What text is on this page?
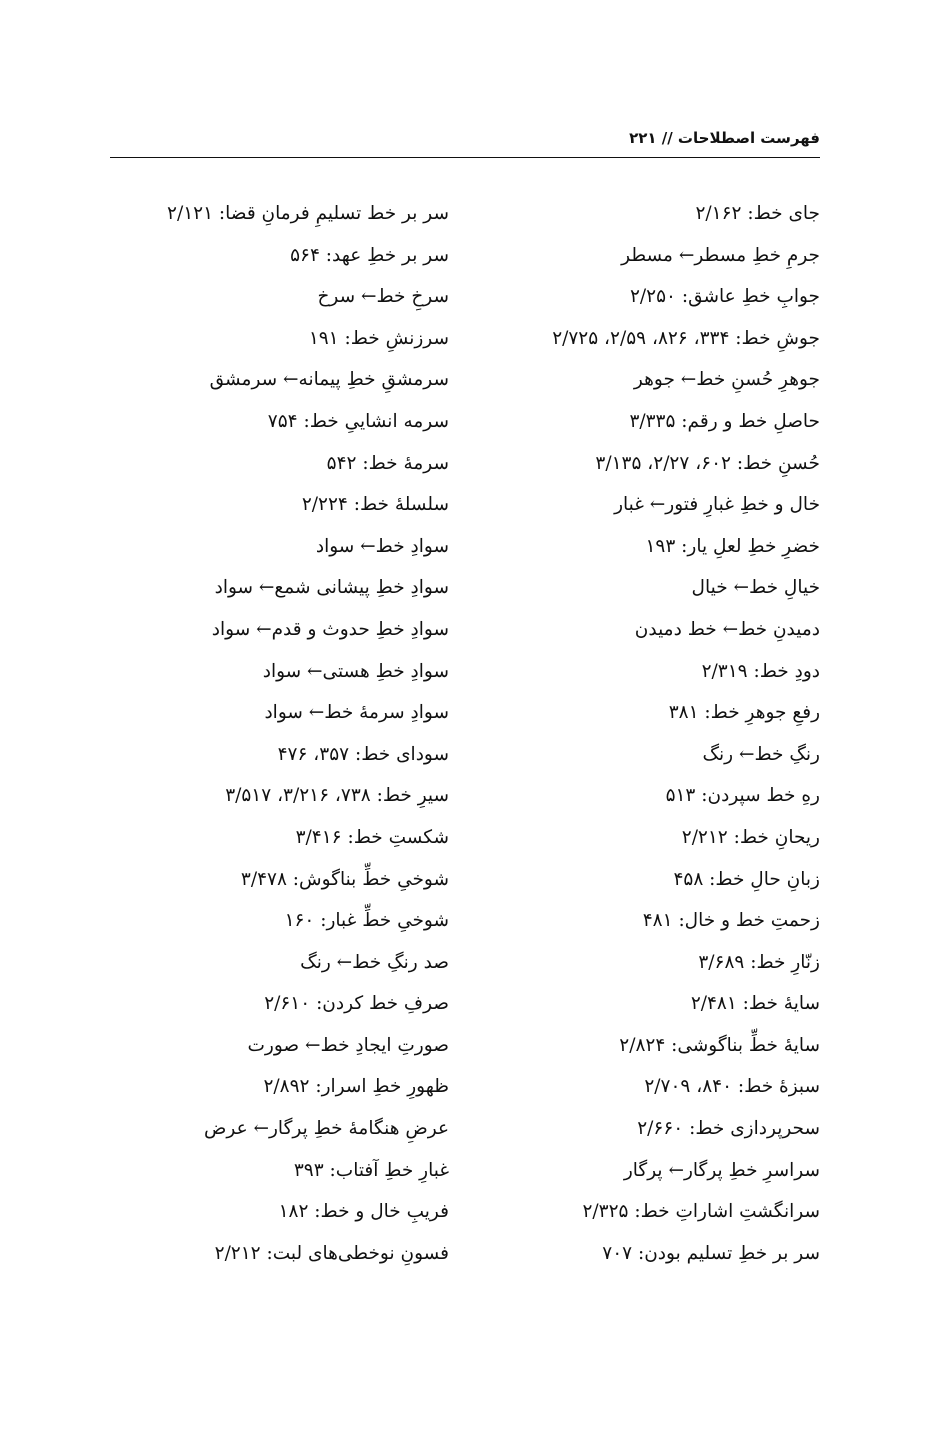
فهرست اصطلاحات // ۲۲۱
جای خط: ۲/۱۶۲
جرمِ خطِ مسطر← مسطر
جوابِ خطِ عاشق: ۲/۲۵۰
جوشِ خط: ۳۳۴، ۸۲۶، ۲/۵۹، ۲/۷۲۵
جوهرِ حُسنِ خط← جوهر
حاصلِ خط و رقم: ۳/۳۳۵
حُسنِ خط: ۶۰۲، ۲/۲۷، ۳/۱۳۵
خال و خطِ غبارِ فتور← غبار
خضرِ خطِ لعلِ یار: ۱۹۳
خیالِ خط← خیال
دمیدنِ خط← خط دمیدن
دودِ خط: ۲/۳۱۹
رفعِ جوهرِ خط: ۳۸۱
رنگِ خط← رنگ
رهِ خط سپردن: ۵۱۳
ریحانِ خط: ۲/۲۱۲
زبانِ حالِ خط: ۴۵۸
زحمتِ خط و خال: ۴۸۱
زنّارِ خط: ۳/۶۸۹
سایهٔ خط: ۲/۴۸۱
سایهٔ خطِّ بناگوشی: ۲/۸۲۴
سبزهٔ خط: ۸۴۰، ۲/۷۰۹
سحرپردازی خط: ۲/۶۶۰
سراسرِ خطِ پرگار← پرگار
سرانگشتِ اشاراتِ خط: ۲/۳۲۵
سر بر خطِ تسلیم بودن: ۷۰۷
سر بر خط تسلیمِ فرمانِ قضا: ۲/۱۲۱
سر بر خطِ عهد: ۵۶۴
سرخِ خط← سرخ
سرزنشِ خط: ۱۹۱
سرمشقِ خطِ پیمانه← سرمشق
سرمه انشاییِ خط: ۷۵۴
سرمهٔ خط: ۵۴۲
سلسلهٔ خط: ۲/۲۲۴
سوادِ خط← سواد
سوادِ خطِ پیشانی شمع← سواد
سوادِ خطِ حدوث و قدم← سواد
سوادِ خطِ هستی← سواد
سوادِ سرمهٔ خط← سواد
سودای خط: ۳۵۷، ۴۷۶
سیرِ خط: ۷۳۸، ۳/۲۱۶، ۳/۵۱۷
شکستِ خط: ۳/۴۱۶
شوخیِ خطِّ بناگوش: ۳/۴۷۸
شوخیِ خطِّ غبار: ۱۶۰
صد رنگِ خط← رنگ
صرفِ خط کردن: ۲/۶۱۰
صورتِ ایجادِ خط← صورت
ظهورِ خطِ اسرار: ۲/۸۹۲
عرضِ هنگامهٔ خطِ پرگار← عرض
غبارِ خطِ آفتاب: ۳۹۳
فریبِ خال و خط: ۱۸۲
فسونِ نوخطی‌های لبت: ۲/۲۱۲
